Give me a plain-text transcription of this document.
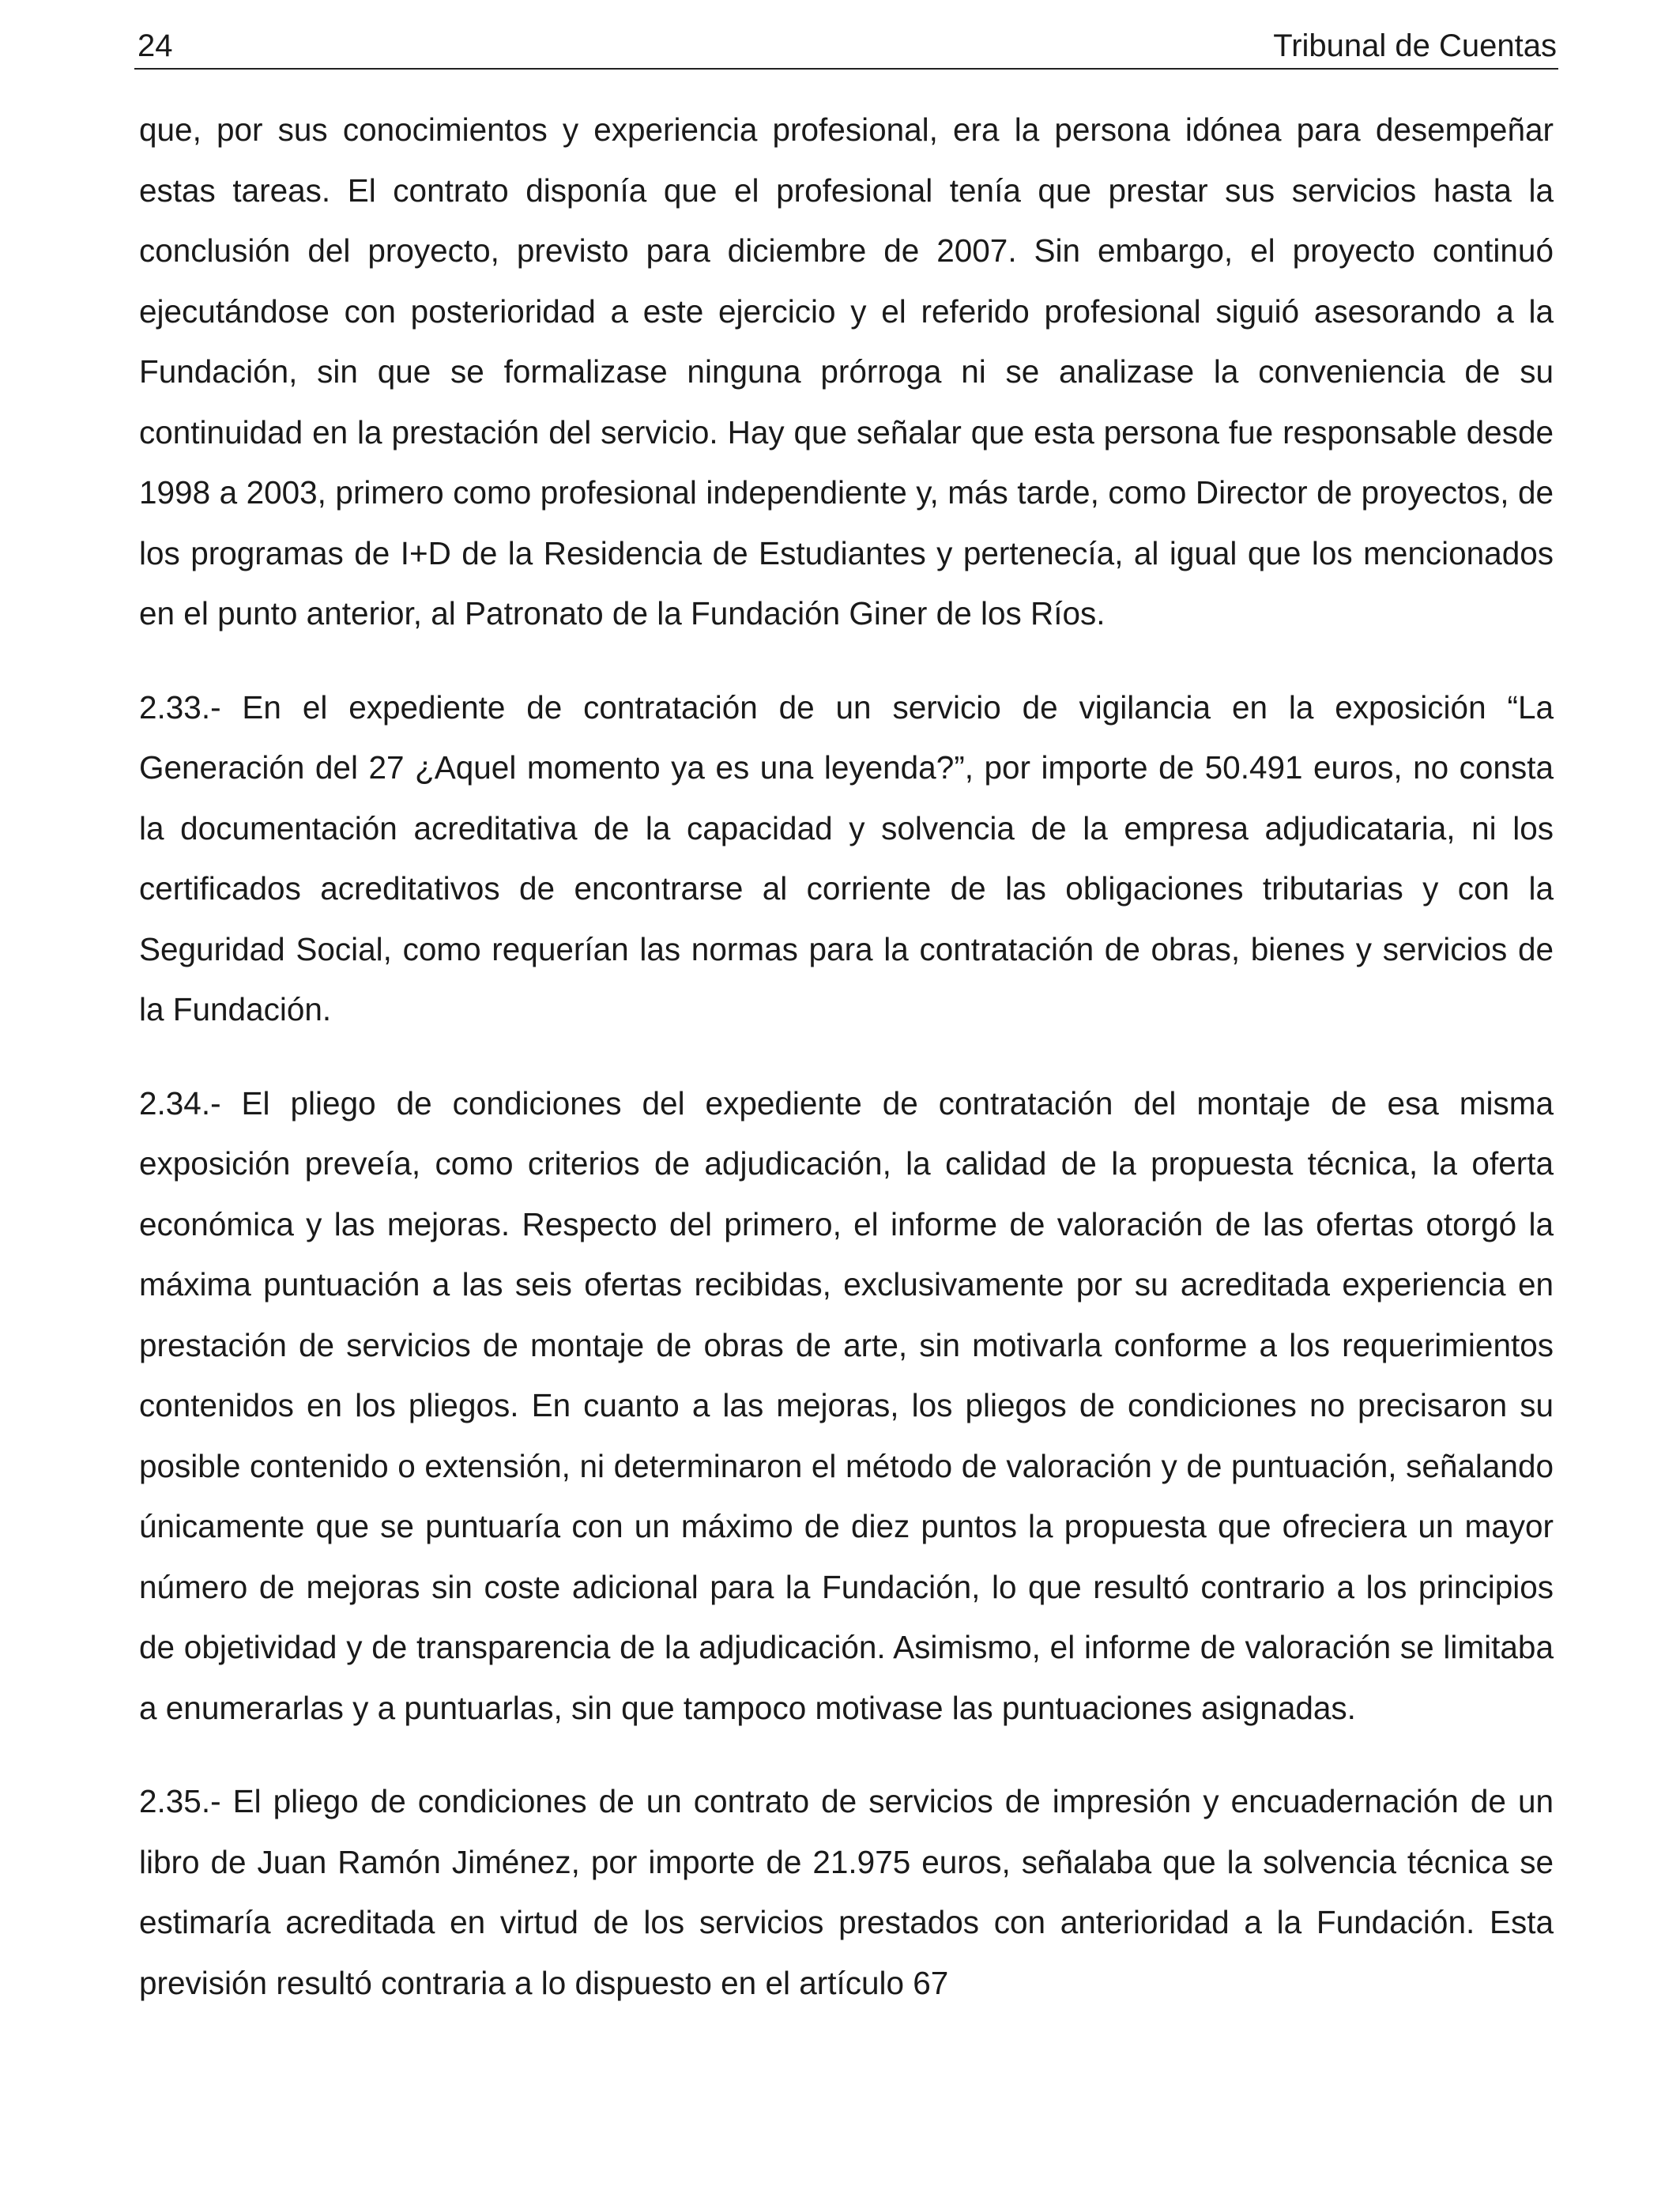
24	Tribunal de Cuentas

que, por sus conocimientos y experiencia profesional, era la persona idónea para desempeñar estas tareas. El contrato disponía que el profesional tenía que prestar sus servicios hasta la conclusión del proyecto, previsto para diciembre de 2007. Sin embargo, el proyecto continuó ejecutándose con posterioridad a este ejercicio y el referido profesional siguió asesorando a la Fundación, sin que se formalizase ninguna prórroga ni se analizase la conveniencia de su continuidad en la prestación del servicio. Hay que señalar que esta persona fue responsable desde 1998 a 2003, primero como profesional independiente y, más tarde, como Director de proyectos, de los programas de I+D de la Residencia de Estudiantes y pertenecía, al igual que los mencionados en el punto anterior, al Patronato de la Fundación Giner de los Ríos.

2.33.- En el expediente de contratación de un servicio de vigilancia en la exposición “La Generación del 27 ¿Aquel momento ya es una leyenda?”, por importe de 50.491 euros, no consta la documentación acreditativa de la capacidad y solvencia de la empresa adjudicataria, ni los certificados acreditativos de encontrarse al corriente de las obligaciones tributarias y con la Seguridad Social, como requerían las normas para la contratación de obras, bienes y servicios de la Fundación.

2.34.- El pliego de condiciones del expediente de contratación del montaje de esa misma exposición preveía, como criterios de adjudicación, la calidad de la propuesta técnica, la oferta económica y las mejoras. Respecto del primero, el informe de valoración de las ofertas otorgó la máxima puntuación a las seis ofertas recibidas, exclusivamente por su acreditada experiencia en prestación de servicios de montaje de obras de arte, sin motivarla conforme a los requerimientos contenidos en los pliegos. En cuanto a las mejoras, los pliegos de condiciones no precisaron su posible contenido o extensión, ni determinaron el método de valoración y de puntuación, señalando únicamente que se puntuaría con un máximo de diez puntos la propuesta que ofreciera un mayor número de mejoras sin coste adicional para la Fundación, lo que resultó contrario a los principios de objetividad y de transparencia de la adjudicación. Asimismo, el informe de valoración se limitaba a enumerarlas y a puntuarlas, sin que tampoco motivase las puntuaciones asignadas.

2.35.- El pliego de condiciones de un contrato de servicios de impresión y encuadernación de un libro de Juan Ramón Jiménez, por importe de 21.975 euros, señalaba que la solvencia técnica se estimaría acreditada en virtud de los servicios prestados con anterioridad a la Fundación. Esta previsión resultó contraria a lo dispuesto en el artículo 67
